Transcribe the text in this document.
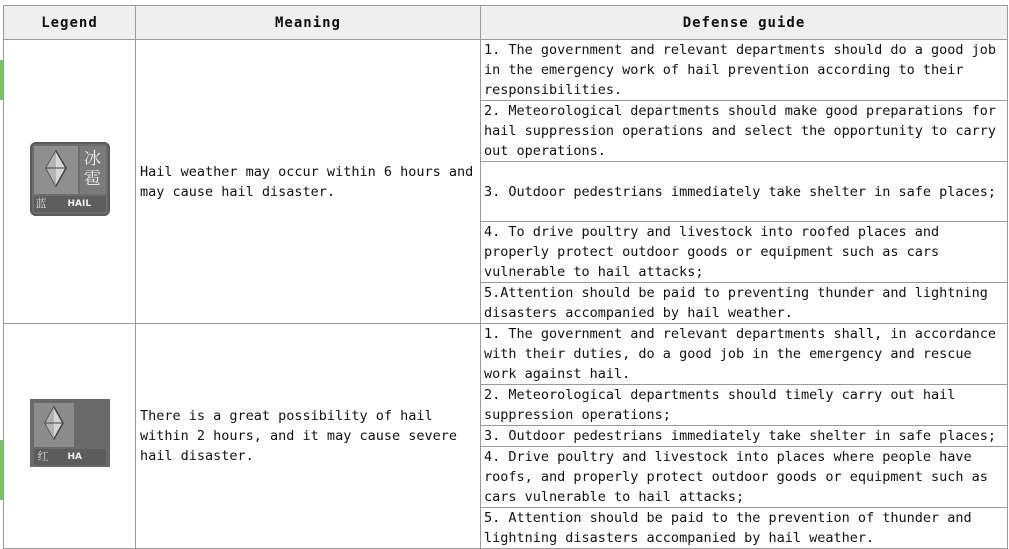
Legend	Meaning	Defense guide

冰雹
蓝 HAIL	Hail weather may occur within 6 hours and may cause hail disaster.	1. The government and relevant departments should do a good job in the emergency work of hail prevention according to their responsibilities.

		2. Meteorological departments should make good preparations for hail suppression operations and select the opportunity to carry out operations.

		3. Outdoor pedestrians immediately take shelter in safe places;

		4. To drive poultry and livestock into roofed places and properly protect outdoor goods or equipment such as cars vulnerable to hail attacks;

		5.Attention should be paid to preventing thunder and lightning disasters accompanied by hail weather.

红 HA	There is a great possibility of hail within 2 hours, and it may cause severe hail disaster.	1. The government and relevant departments shall, in accordance with their duties, do a good job in the emergency and rescue work against hail.

		2. Meteorological departments should timely carry out hail suppression operations;

		3. Outdoor pedestrians immediately take shelter in safe places;

		4. Drive poultry and livestock into places where people have roofs, and properly protect outdoor goods or equipment such as cars vulnerable to hail attacks;

		5. Attention should be paid to the prevention of thunder and lightning disasters accompanied by hail weather.
